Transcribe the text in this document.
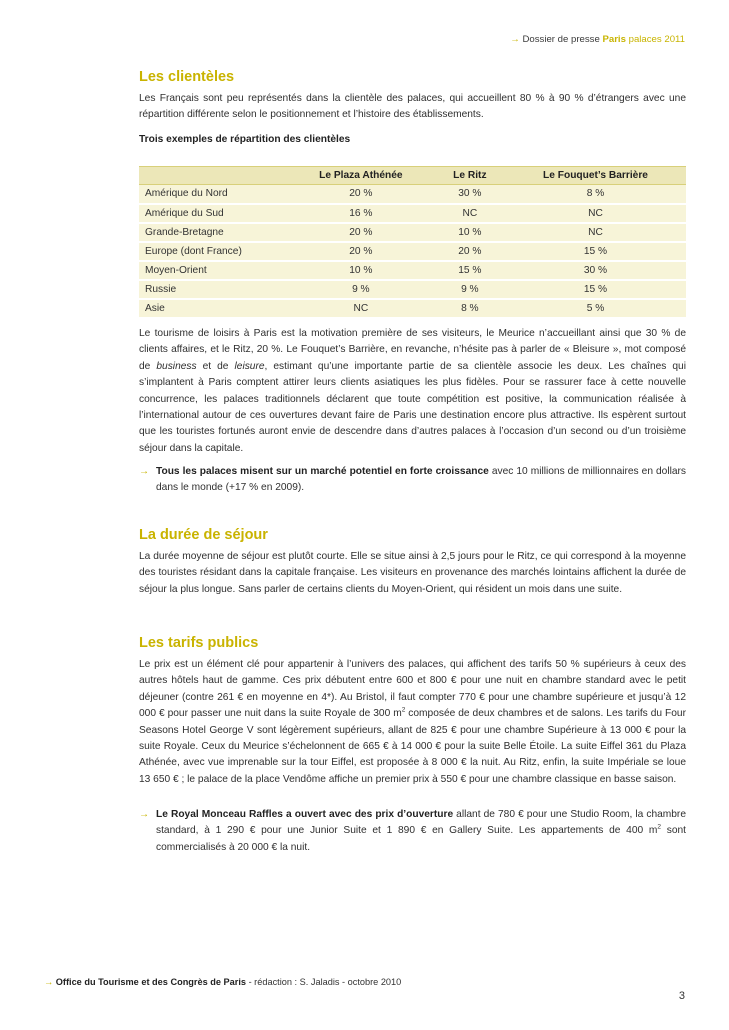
→ Dossier de presse Paris palaces 2011
Les clientèles
Les Français sont peu représentés dans la clientèle des palaces, qui accueillent 80 % à 90 % d’étrangers avec une répartition différente selon le positionnement et l’histoire des établissements.
Trois exemples de répartition des clientèles
	Le Plaza Athénée	Le Ritz	Le Fouquet’s Barrière
Amérique du Nord	20 %	30 %	8 %
Amérique du Sud	16 %	NC	NC
Grande-Bretagne	20 %	10 %	NC
Europe (dont France)	20 %	20 %	15 %
Moyen-Orient	10 %	15 %	30 %
Russie	9 %	9 %	15 %
Asie	NC	8 %	5 %
Le tourisme de loisirs à Paris est la motivation première de ses visiteurs, le Meurice n’accueillant ainsi que 30 % de clients affaires, et le Ritz, 20 %. Le Fouquet’s Barrière, en revanche, n’hésite pas à parler de « Bleisure », mot composé de business et de leisure, estimant qu’une importante partie de sa clientèle associe les deux. Les chaînes qui s’implantent à Paris comptent attirer leurs clients asiatiques les plus fidèles. Pour se rassurer face à cette nouvelle concurrence, les palaces traditionnels déclarent que toute compétition est positive, la communication réalisée à l’international autour de ces ouvertures devant faire de Paris une destination encore plus attractive. Ils espèrent surtout que les touristes fortunés auront envie de descendre dans d’autres palaces à l’occasion d’un second ou d’un troisième séjour dans la capitale.
→ Tous les palaces misent sur un marché potentiel en forte croissance avec 10 millions de millionnaires en dollars dans le monde (+17 % en 2009).
La durée de séjour
La durée moyenne de séjour est plutôt courte. Elle se situe ainsi à 2,5 jours pour le Ritz, ce qui correspond à la moyenne des touristes résidant dans la capitale française. Les visiteurs en provenance des marchés lointains affichent la durée de séjour la plus longue. Sans parler de certains clients du Moyen-Orient, qui résident un mois dans une suite.
Les tarifs publics
Le prix est un élément clé pour appartenir à l’univers des palaces, qui affichent des tarifs 50 % supérieurs à ceux des autres hôtels haut de gamme. Ces prix débutent entre 600 et 800 € pour une nuit en chambre standard avec le petit déjeuner (contre 261 € en moyenne en 4*). Au Bristol, il faut compter 770 € pour une chambre supérieure et jusqu’à 12 000 € pour passer une nuit dans la suite Royale de 300 $m^2$ composée de deux chambres et de salons. Les tarifs du Four Seasons Hotel George V sont légèrement supérieurs, allant de 825 € pour une chambre Supérieure à 13 000 € pour la suite Royale. Ceux du Meurice s’échelonnent de 665 € à 14 000 € pour la suite Belle Étoile. La suite Eiffel 361 du Plaza Athénée, avec vue imprenable sur la tour Eiffel, est proposée à 8 000 € la nuit. Au Ritz, enfin, la suite Impériale se loue 13 650 € ; le palace de la place Vendôme affiche un premier prix à 550 € pour une chambre classique en basse saison.
→ Le Royal Monceau Raffles a ouvert avec des prix d’ouverture allant de 780 € pour une Studio Room, la chambre standard, à 1 290 € pour une Junior Suite et 1 890 € en Gallery Suite. Les appartements de 400 $m^2$ sont commercialisés à 20 000 € la nuit.
→ Office du Tourisme et des Congrès de Paris - rédaction : S. Jaladis - octobre 2010
3
